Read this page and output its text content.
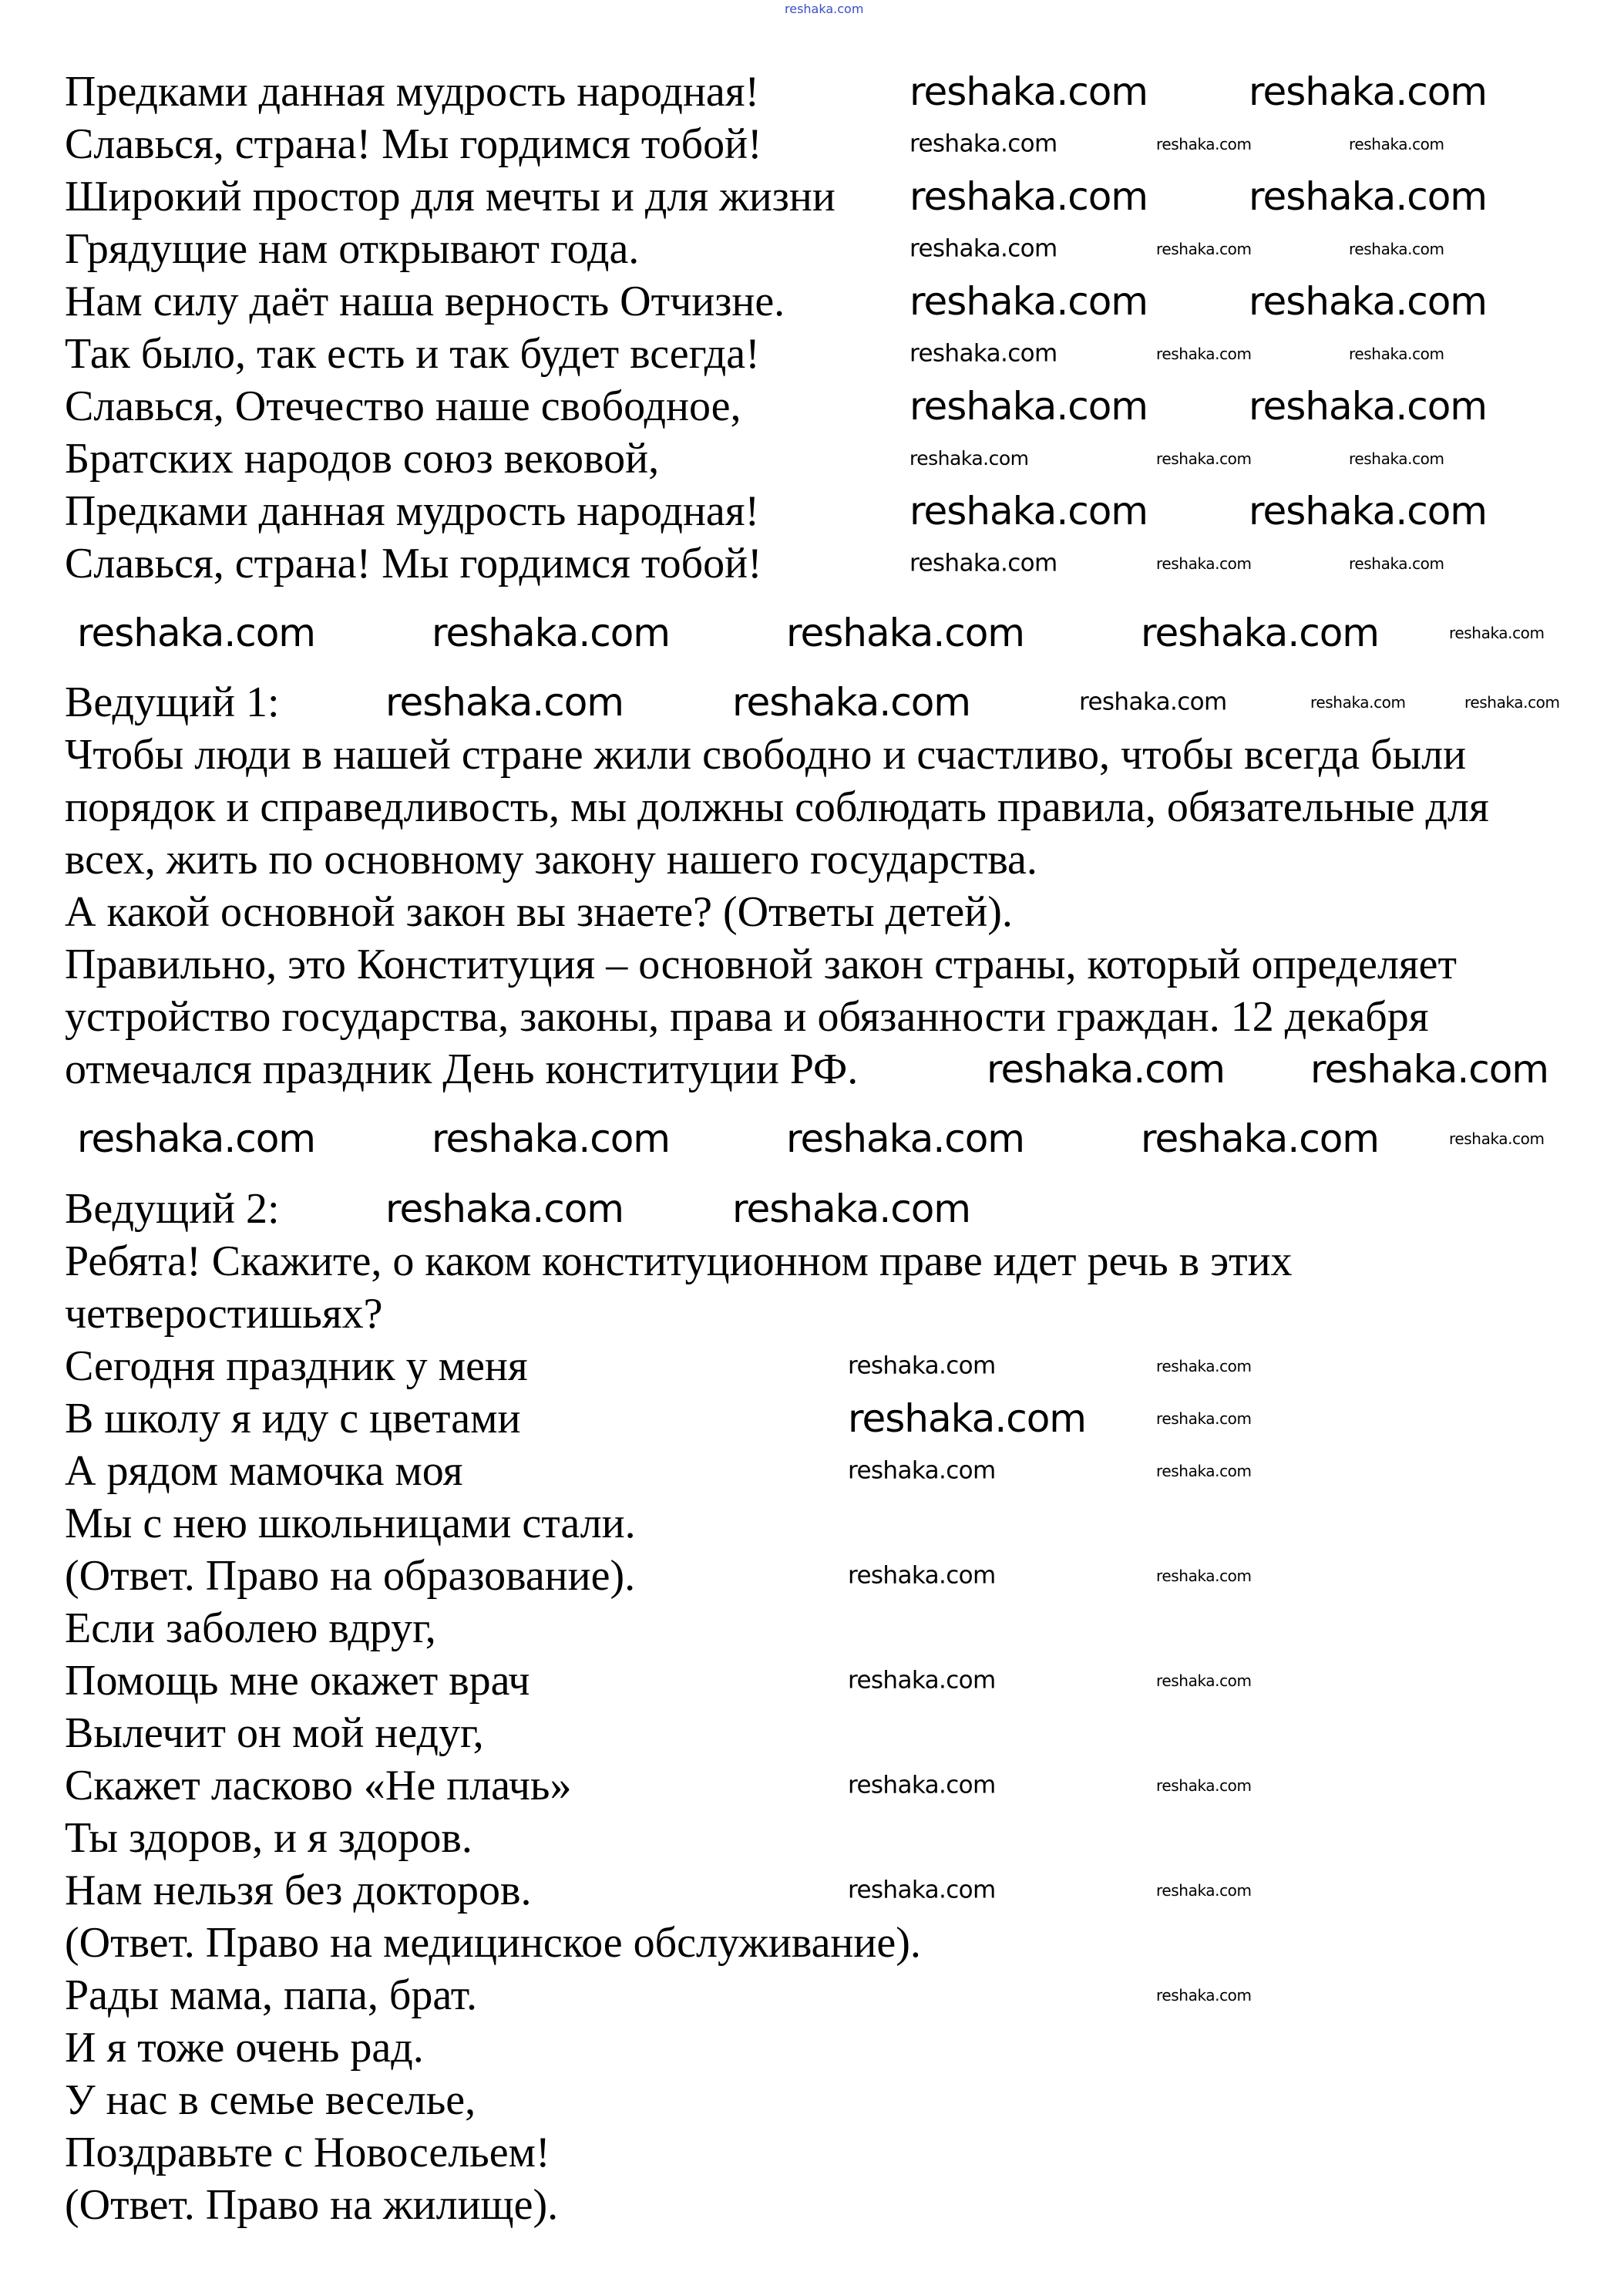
reshaka.com
Предками данная мудрость народная!
Славься, страна! Мы гордимся тобой!
Широкий простор для мечты и для жизни
Грядущие нам открывают года.
Нам силу даёт наша верность Отчизне.
Так было, так есть и так будет всегда!
Славься, Отечество наше свободное,
Братских народов союз вековой,
Предками данная мудрость народная!
Славься, страна! Мы гордимся тобой!
Ведущий 1:
Чтобы люди в нашей стране жили свободно и счастливо, чтобы всегда были
порядок и справедливость, мы должны соблюдать правила, обязательные для
всех, жить по основному закону нашего государства.
А какой основной закон вы знаете? (Ответы детей).
Правильно, это Конституция – основной закон страны, который определяет
устройство государства, законы, права и обязанности граждан. 12 декабря
отмечался праздник День конституции РФ.
Ведущий 2:
Ребята! Скажите, о каком конституционном праве идет речь в этих
четверостишьях?
Сегодня праздник у меня
В школу я иду с цветами
А рядом мамочка моя
Мы с нею школьницами стали.
(Ответ. Право на образование).
Если заболею вдруг,
Помощь мне окажет врач
Вылечит он мой недуг,
Скажет ласково «Не плачь»
Ты здоров, и я здоров.
Нам нельзя без докторов.
(Ответ. Право на медицинское обслуживание).
Рады мама, папа, брат.
И я тоже очень рад.
У нас в семье веселье,
Поздравьте с Новосельем!
(Ответ. Право на жилище).
reshaka.com	reshaka.com
reshaka.com	reshaka.com
reshaka.com	reshaka.com
reshaka.com	reshaka.com
reshaka.com	reshaka.com
reshaka.com	reshaka.com	reshaka.com
reshaka.com	reshaka.com	reshaka.com
reshaka.com	reshaka.com	reshaka.com
reshaka.com	reshaka.com	reshaka.com
reshaka.com	reshaka.com	reshaka.com
reshaka.com	reshaka.com	reshaka.com	reshaka.com	reshaka.com
reshaka.com	reshaka.com	reshaka.com	reshaka.com	reshaka.com
reshaka.com reshaka.com
reshaka.com	reshaka.com	reshaka.com	reshaka.com	reshaka.com
reshaka.com	reshaka.com
reshaka.com	reshaka.com
reshaka.com	reshaka.com
reshaka.com	reshaka.com
reshaka.com	reshaka.com
reshaka.com	reshaka.com
reshaka.com	reshaka.com
reshaka.com	reshaka.com
reshaka.com
